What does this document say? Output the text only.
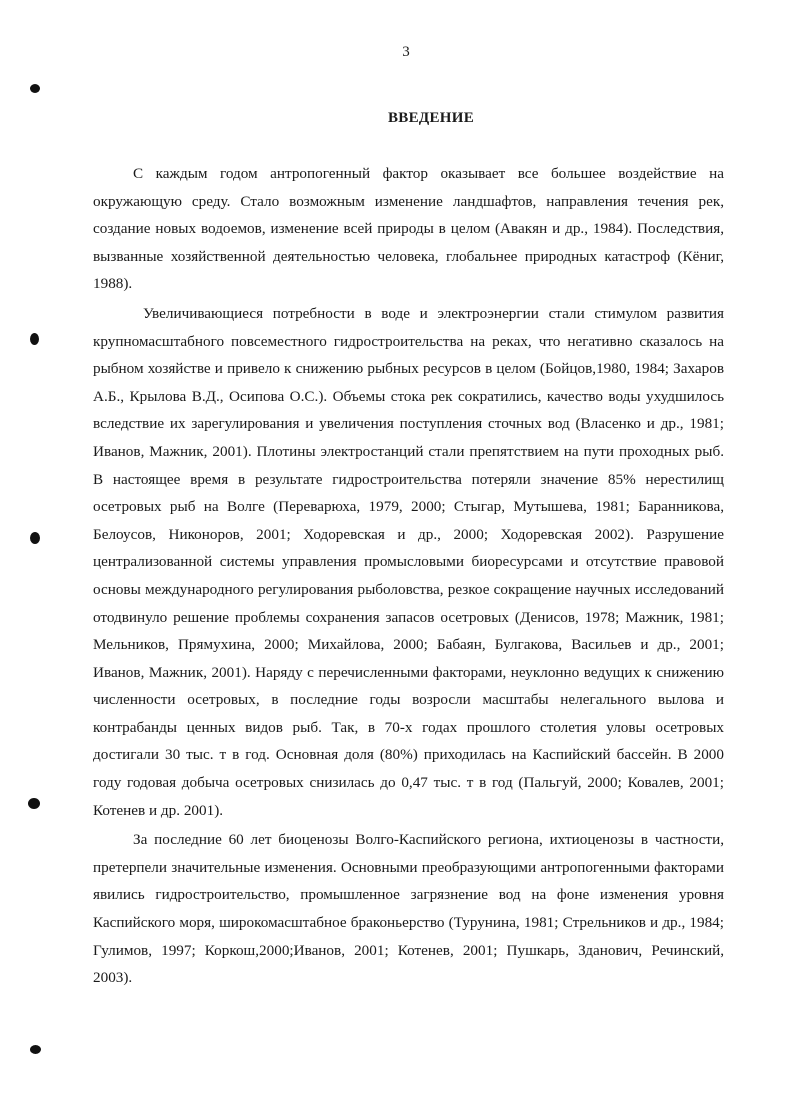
3
ВВЕДЕНИЕ

С каждым годом антропогенный фактор оказывает все большее воздействие на окружающую среду. Стало возможным изменение ландшафтов, направления течения рек, создание новых водоемов, изменение всей природы в целом (Авакян и др., 1984). Последствия, вызванные хозяйственной деятельностью человека, глобальнее природных катастроф (Кёниг, 1988).

Увеличивающиеся потребности в воде и электроэнергии стали стимулом развития крупномасштабного повсеместного гидростроительства на реках, что негативно сказалось на рыбном хозяйстве и привело к снижению рыбных ресурсов в целом (Бойцов,1980, 1984; Захаров А.Б., Крылова В.Д., Осипова О.С.). Объемы стока рек сократились, качество воды ухудшилось вследствие их зарегулирования и увеличения поступления сточных вод (Власенко и др., 1981; Иванов, Мажник, 2001). Плотины электростанций стали препятствием на пути проходных рыб. В настоящее время в результате гидростроительства потеряли значение 85% нерестилищ осетровых рыб на Волге (Переварюха, 1979, 2000; Стыгар, Мутышева, 1981; Баранникова, Белоусов, Никоноров, 2001; Ходоревская и др., 2000; Ходоревская 2002). Разрушение централизованной системы управления промысловыми биоресурсами и отсутствие правовой основы международного регулирования рыболовства, резкое сокращение научных исследований отодвинуло решение проблемы сохранения запасов осетровых (Денисов, 1978; Мажник, 1981; Мельников, Прямухина, 2000; Михайлова, 2000; Бабаян, Булгакова, Васильев и др., 2001; Иванов, Мажник, 2001). Наряду с перечисленными факторами, неуклонно ведущих к снижению численности осетровых, в последние годы возросли масштабы нелегального вылова и контрабанды ценных видов рыб. Так, в 70-х годах прошлого столетия уловы осетровых достигали 30 тыс. т в год. Основная доля (80%) приходилась на Каспийский бассейн. В 2000 году годовая добыча осетровых снизилась до 0,47 тыс. т в год (Пальгуй, 2000; Ковалев, 2001; Котенев и др. 2001).

За последние 60 лет биоценозы Волго-Каспийского региона, ихтиоценозы в частности, претерпели значительные изменения. Основными преобразующими антропогенными факторами явились гидростроительство, промышленное загрязнение вод на фоне изменения уровня Каспийского моря, широкомасштабное браконьерство (Турунина, 1981; Стрельников и др., 1984; Гулимов, 1997; Коркош,2000;Иванов, 2001; Котенев, 2001; Пушкарь, Зданович, Речинский, 2003).
